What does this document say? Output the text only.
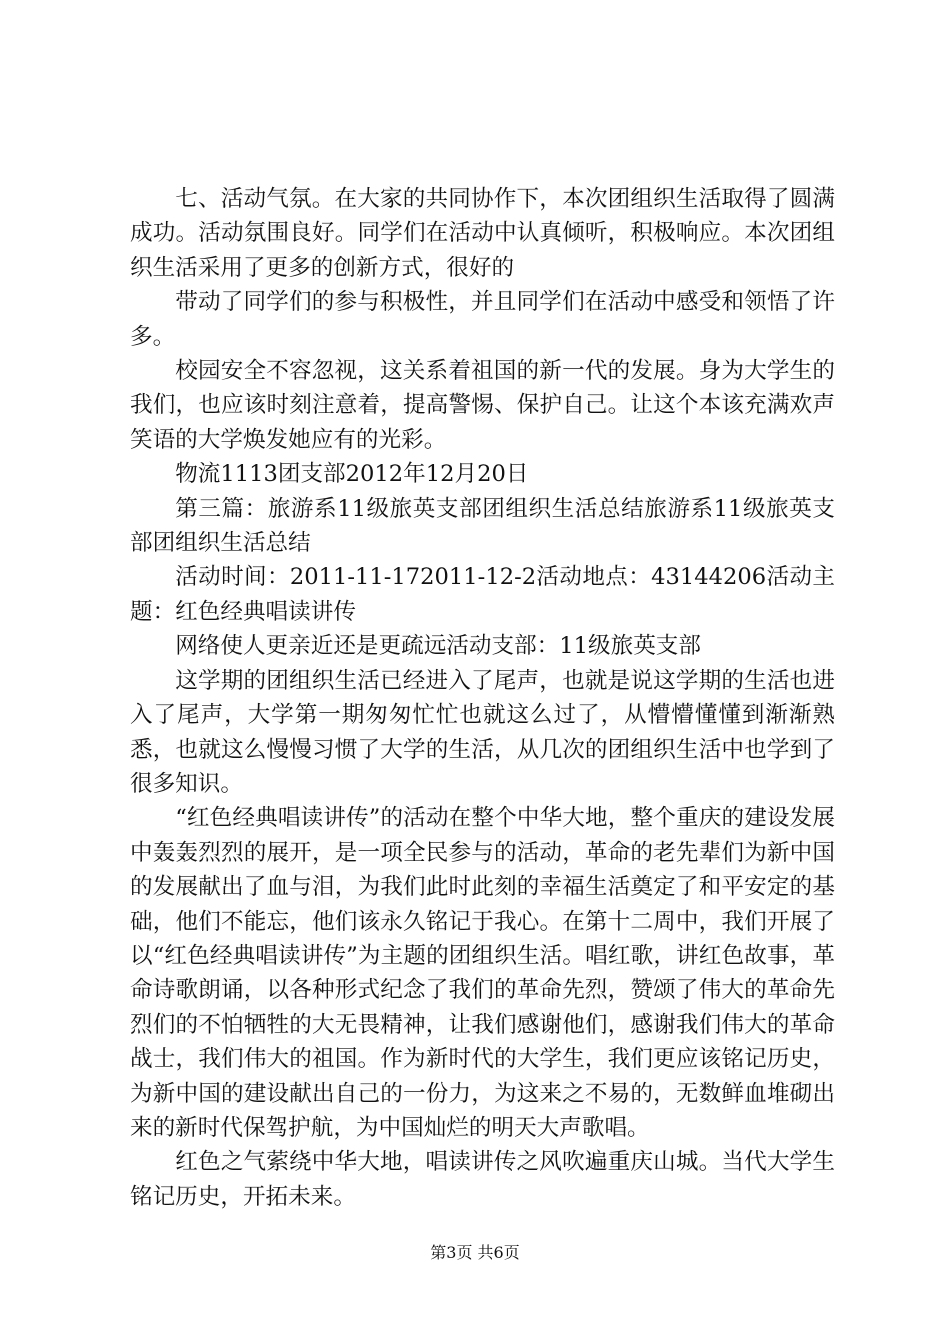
七、活动气氛。在大家的共同协作下，本次团组织生活取得了圆满成功。活动氛围良好。同学们在活动中认真倾听，积极响应。本次团组织生活采用了更多的创新方式，很好的

带动了同学们的参与积极性，并且同学们在活动中感受和领悟了许多。

校园安全不容忽视，这关系着祖国的新一代的发展。身为大学生的我们，也应该时刻注意着，提高警惕、保护自己。让这个本该充满欢声笑语的大学焕发她应有的光彩。

物流1113团支部2012年12月20日

第三篇：旅游系11级旅英支部团组织生活总结旅游系11级旅英支部团组织生活总结

活动时间：2011-11-172011-12-2活动地点：43144206活动主题：红色经典唱读讲传

网络使人更亲近还是更疏远活动支部：11级旅英支部

这学期的团组织生活已经进入了尾声，也就是说这学期的生活也进入了尾声，大学第一期匆匆忙忙也就这么过了，从懵懵懂懂到渐渐熟悉，也就这么慢慢习惯了大学的生活，从几次的团组织生活中也学到了很多知识。

“红色经典唱读讲传”的活动在整个中华大地，整个重庆的建设发展中轰轰烈烈的展开，是一项全民参与的活动，革命的老先辈们为新中国的发展献出了血与泪，为我们此时此刻的幸福生活奠定了和平安定的基础，他们不能忘，他们该永久铭记于我心。在第十二周中，我们开展了以“红色经典唱读讲传”为主题的团组织生活。唱红歌，讲红色故事，革命诗歌朗诵，以各种形式纪念了我们的革命先烈，赞颂了伟大的革命先烈们的不怕牺牲的大无畏精神，让我们感谢他们，感谢我们伟大的革命战士，我们伟大的祖国。作为新时代的大学生，我们更应该铭记历史，为新中国的建设献出自己的一份力，为这来之不易的，无数鲜血堆砌出来的新时代保驾护航，为中国灿烂的明天大声歌唱。

红色之气萦绕中华大地，唱读讲传之风吹遍重庆山城。当代大学生铭记历史，开拓未来。

第3页 共6页
